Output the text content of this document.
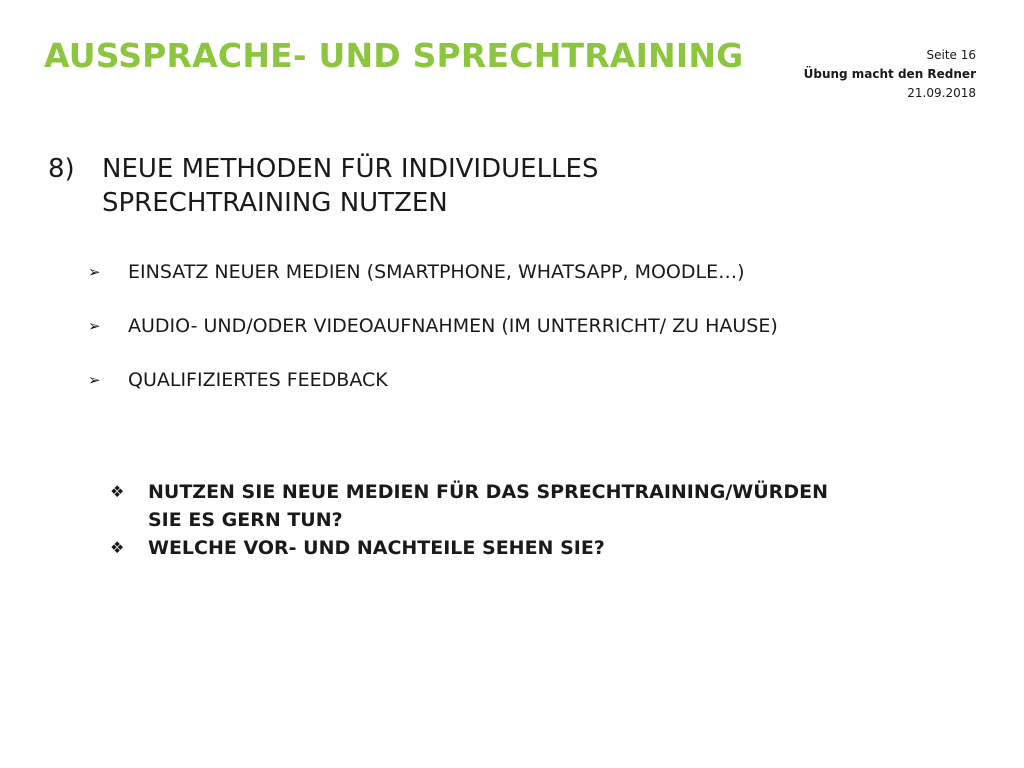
AUSSPRACHE- UND SPRECHTRAINING	Seite 16
Übung macht den Redner
21.09.2018
8)	NEUE METHODEN FÜR INDIVIDUELLES SPRECHTRAINING NUTZEN
➢	EINSATZ NEUER MEDIEN (SMARTPHONE, WHATSAPP, MOODLE…)
➢	AUDIO- UND/ODER VIDEOAUFNAHMEN (IM UNTERRICHT/ ZU HAUSE)
➢	QUALIFIZIERTES FEEDBACK
❖	NUTZEN SIE NEUE MEDIEN FÜR DAS SPRECHTRAINING/WÜRDEN SIE ES GERN TUN?
❖	WELCHE VOR- UND NACHTEILE SEHEN SIE?
